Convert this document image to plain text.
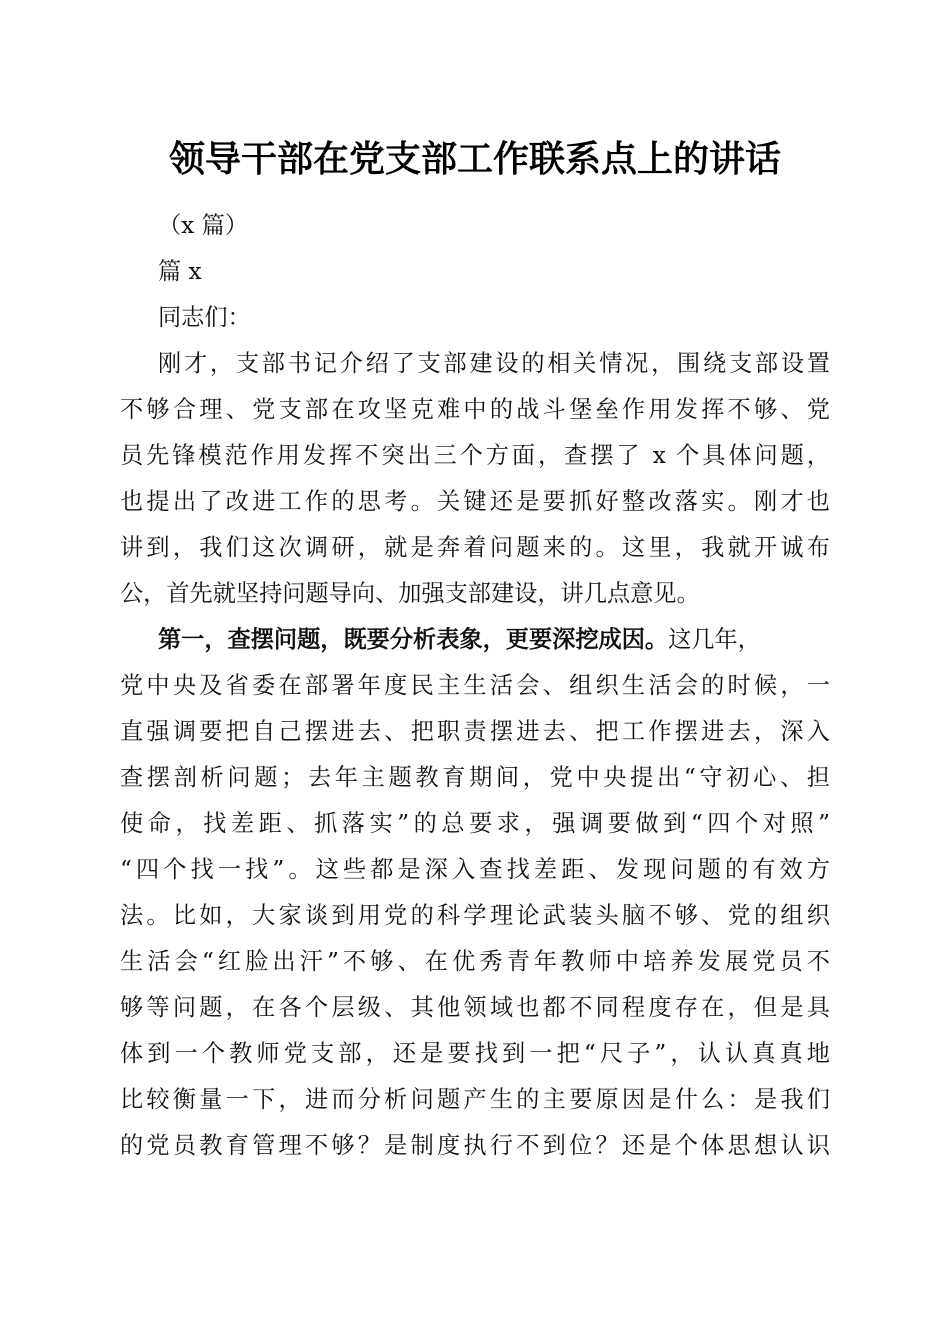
领导干部在党支部工作联系点上的讲话
（x 篇）
篇 x
同志们：
刚才，支部书记介绍了支部建设的相关情况，围绕支部设置
不够合理、党支部在攻坚克难中的战斗堡垒作用发挥不够、党
员先锋模范作用发挥不突出三个方面，查摆了 x 个具体问题，
也提出了改进工作的思考。关键还是要抓好整改落实。刚才也
讲到，我们这次调研，就是奔着问题来的。这里，我就开诚布
公，首先就坚持问题导向、加强支部建设，讲几点意见。
第一，查摆问题，既要分析表象，更要深挖成因。这几年，
党中央及省委在部署年度民主生活会、组织生活会的时候，一
直强调要把自己摆进去、把职责摆进去、把工作摆进去，深入
查摆剖析问题；去年主题教育期间，党中央提出“守初心、担
使命，找差距、抓落实”的总要求，强调要做到“四个对照”
“四个找一找”。这些都是深入查找差距、发现问题的有效方
法。比如，大家谈到用党的科学理论武装头脑不够、党的组织
生活会“红脸出汗”不够、在优秀青年教师中培养发展党员不
够等问题，在各个层级、其他领域也都不同程度存在，但是具
体到一个教师党支部，还是要找到一把“尺子”，认认真真地
比较衡量一下，进而分析问题产生的主要原因是什么：是我们
的党员教育管理不够？是制度执行不到位？还是个体思想认识
